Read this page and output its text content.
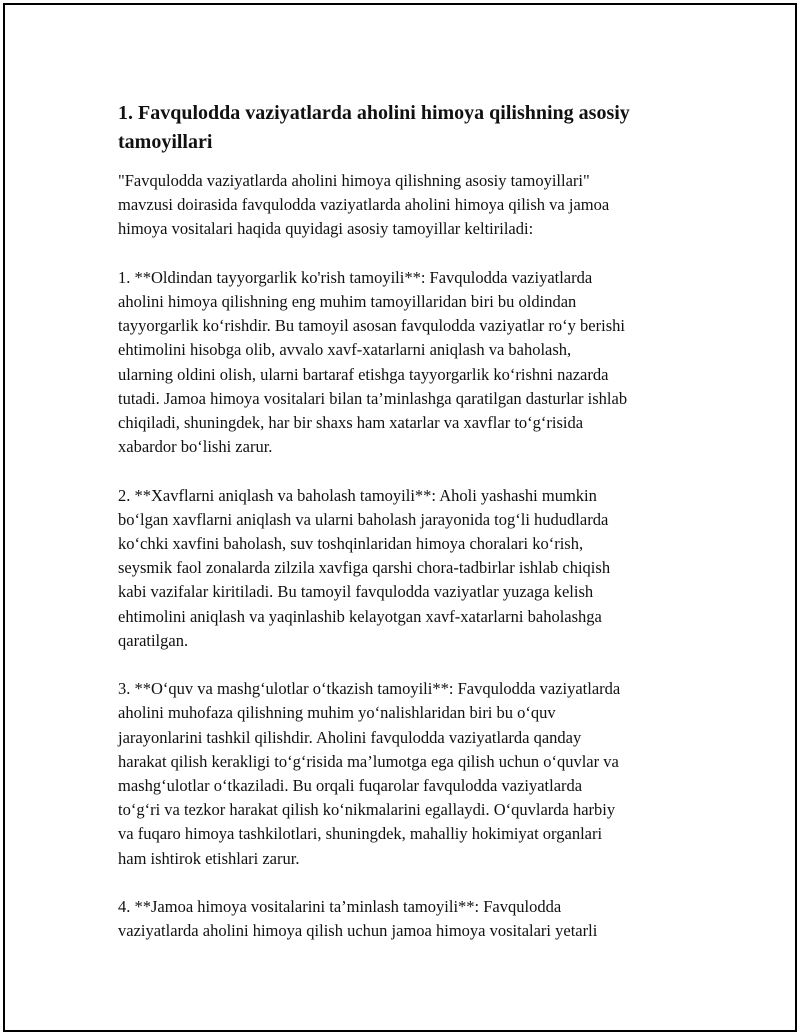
1. Favqulodda vaziyatlarda aholini himoya qilishning asosiy tamoyillari
"Favqulodda vaziyatlarda aholini himoya qilishning asosiy tamoyillari"
mavzusi doirasida favqulodda vaziyatlarda aholini himoya qilish va jamoa
himoya vositalari haqida quyidagi asosiy tamoyillar keltiriladi:
1. **Oldindan tayyorgarlik ko'rish tamoyili**: Favqulodda vaziyatlarda
aholini himoya qilishning eng muhim tamoyillaridan biri bu oldindan
tayyorgarlik ko‘rishdir. Bu tamoyil asosan favqulodda vaziyatlar ro‘y berishi
ehtimolini hisobga olib, avvalo xavf-xatarlarni aniqlash va baholash,
ularning oldini olish, ularni bartaraf etishga tayyorgarlik ko‘rishni nazarda
tutadi. Jamoa himoya vositalari bilan ta’minlashga qaratilgan dasturlar ishlab
chiqiladi, shuningdek, har bir shaxs ham xatarlar va xavflar to‘g‘risida
xabardor bo‘lishi zarur.
2. **Xavflarni aniqlash va baholash tamoyili**: Aholi yashashi mumkin
bo‘lgan xavflarni aniqlash va ularni baholash jarayonida tog‘li hududlarda
ko‘chki xavfini baholash, suv toshqinlaridan himoya choralari ko‘rish,
seysmik faol zonalarda zilzila xavfiga qarshi chora-tadbirlar ishlab chiqish
kabi vazifalar kiritiladi. Bu tamoyil favqulodda vaziyatlar yuzaga kelish
ehtimolini aniqlash va yaqinlashib kelayotgan xavf-xatarlarni baholashga
qaratilgan.
3. **O‘quv va mashg‘ulotlar o‘tkazish tamoyili**: Favqulodda vaziyatlarda
aholini muhofaza qilishning muhim yo‘nalishlaridan biri bu o‘quv
jarayonlarini tashkil qilishdir. Aholini favqulodda vaziyatlarda qanday
harakat qilish kerakligi to‘g‘risida ma’lumotga ega qilish uchun o‘quvlar va
mashg‘ulotlar o‘tkaziladi. Bu orqali fuqarolar favqulodda vaziyatlarda
to‘g‘ri va tezkor harakat qilish ko‘nikmalarini egallaydi. O‘quvlarda harbiy
va fuqaro himoya tashkilotlari, shuningdek, mahalliy hokimiyat organlari
ham ishtirok etishlari zarur.
4. **Jamoa himoya vositalarini ta’minlash tamoyili**: Favqulodda
vaziyatlarda aholini himoya qilish uchun jamoa himoya vositalari yetarli
